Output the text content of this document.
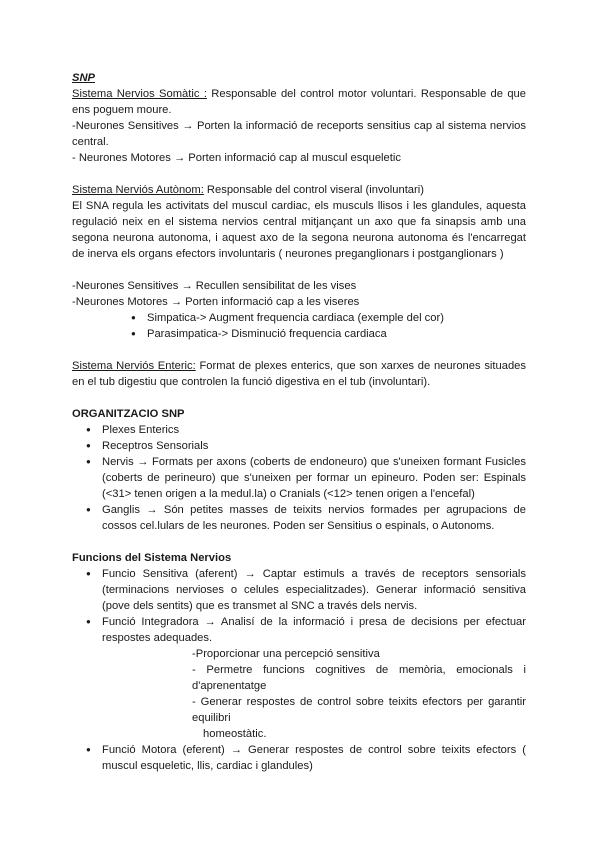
SNP
Sistema Nervios Somàtic : Responsable del control motor voluntari. Responsable de que ens poguem moure.
-Neurones Sensitives → Porten la informació de receports sensitius cap al sistema nervios central.
- Neurones Motores → Porten informació cap al muscul esqueletic
Sistema Nerviós Autònom: Responsable del control viseral (involuntari)
El SNA regula les activitats del muscul cardiac, els musculs llisos i les glandules, aquesta regulació neix en el sistema nervios central mitjançant un axo que fa sinapsis amb una segona neurona autonoma, i aquest axo de la segona neurona autonoma és l'encarregat de inerva els organs efectors involuntaris ( neurones preganglionars i postganglionars )
-Neurones Sensitives → Recullen sensibilitat de les vises
-Neurones Motores → Porten informació cap a les viseres
● Simpatica-> Augment frequencia cardiaca (exemple del cor)
● Parasimpatica-> Disminució frequencia cardiaca
Sistema Nerviós Enteric: Format de plexes enterics, que son xarxes de neurones situades en el tub digestiu que controlen la funció digestiva en el tub (involuntari).
ORGANITZACIO SNP
● Plexes Enterics
● Receptros Sensorials
● Nervis → Formats per axons (coberts de endoneuro) que s'uneixen formant Fusicles (coberts de perineuro) que s'uneixen per formar un epineuro. Poden ser: Espinals (<31> tenen origen a la medul.la) o Cranials (<12> tenen origen a l'encefal)
● Ganglis → Són petites masses de teixits nervios formades per agrupacions de cossos cel.lulars de les neurones. Poden ser Sensitius o espinals, o Autonoms.
Funcions del Sistema Nervios
● Funcio Sensitiva (aferent) → Captar estimuls a través de receptors sensorials (terminacions nervioses o celules especialitzades). Generar informació sensitiva (pove dels sentits) que es transmet al SNC a través dels nervis.
● Funció Integradora → Analisí de la informació i presa de decisions per efectuar respostes adequades.
-Proporcionar una percepció sensitiva
- Permetre funcions cognitives de memòria, emocionals i d'aprenentatge
- Generar respostes de control sobre teixits efectors per garantir equilibri
homeostàtic.
● Funció Motora (eferent) → Generar respostes de control sobre teixits efectors ( muscul esqueletic, llis, cardiac i glandules)
